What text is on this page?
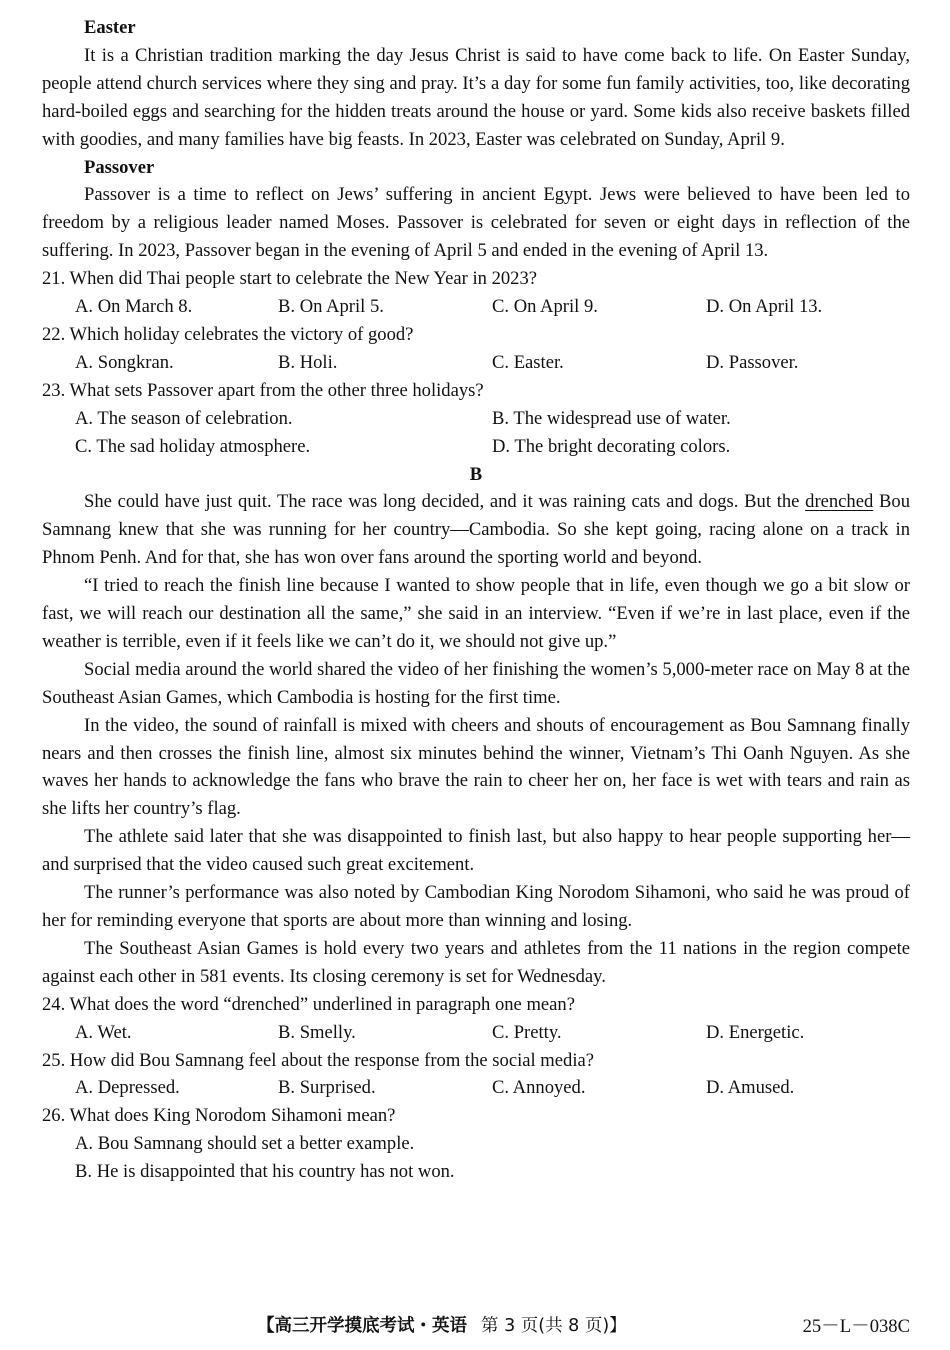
Easter

It is a Christian tradition marking the day Jesus Christ is said to have come back to life. On Easter Sunday, people attend church services where they sing and pray. It’s a day for some fun family activities, too, like decorating hard-boiled eggs and searching for the hidden treats around the house or yard. Some kids also receive baskets filled with goodies, and many families have big feasts. In 2023, Easter was celebrated on Sunday, April 9.

Passover

Passover is a time to reflect on Jews’ suffering in ancient Egypt. Jews were believed to have been led to freedom by a religious leader named Moses. Passover is celebrated for seven or eight days in reflection of the suffering. In 2023, Passover began in the evening of April 5 and ended in the evening of April 13.

21. When did Thai people start to celebrate the New Year in 2023?

A. On March 8.	B. On April 5.	C. On April 9.	D. On April 13.

22. Which holiday celebrates the victory of good?

A. Songkran.	B. Holi.	C. Easter.	D. Passover.

23. What sets Passover apart from the other three holidays?

A. The season of celebration.	B. The widespread use of water.
C. The sad holiday atmosphere.	D. The bright decorating colors.
B

She could have just quit. The race was long decided, and it was raining cats and dogs. But the drenched Bou Samnang knew that she was running for her country—Cambodia. So she kept going, racing alone on a track in Phnom Penh. And for that, she has won over fans around the sporting world and beyond.

“I tried to reach the finish line because I wanted to show people that in life, even though we go a bit slow or fast, we will reach our destination all the same,” she said in an interview. “Even if we’re in last place, even if the weather is terrible, even if it feels like we can’t do it, we should not give up.”

Social media around the world shared the video of her finishing the women’s 5,000-meter race on May 8 at the Southeast Asian Games, which Cambodia is hosting for the first time.

In the video, the sound of rainfall is mixed with cheers and shouts of encouragement as Bou Samnang finally nears and then crosses the finish line, almost six minutes behind the winner, Vietnam’s Thi Oanh Nguyen. As she waves her hands to acknowledge the fans who brave the rain to cheer her on, her face is wet with tears and rain as she lifts her country’s flag.

The athlete said later that she was disappointed to finish last, but also happy to hear people supporting her—and surprised that the video caused such great excitement.

The runner’s performance was also noted by Cambodian King Norodom Sihamoni, who said he was proud of her for reminding everyone that sports are about more than winning and losing.

The Southeast Asian Games is hold every two years and athletes from the 11 nations in the region compete against each other in 581 events. Its closing ceremony is set for Wednesday.

24. What does the word “drenched” underlined in paragraph one mean?

A. Wet.	B. Smelly.	C. Pretty.	D. Energetic.

25. How did Bou Samnang feel about the response from the social media?

A. Depressed.	B. Surprised.	C. Annoyed.	D. Amused.

26. What does King Norodom Sihamoni mean?

A. Bou Samnang should set a better example.
B. He is disappointed that his country has not won.
【高三开学摸底考试・英语 第 3 页(共 8 页)】	25－L－038C
